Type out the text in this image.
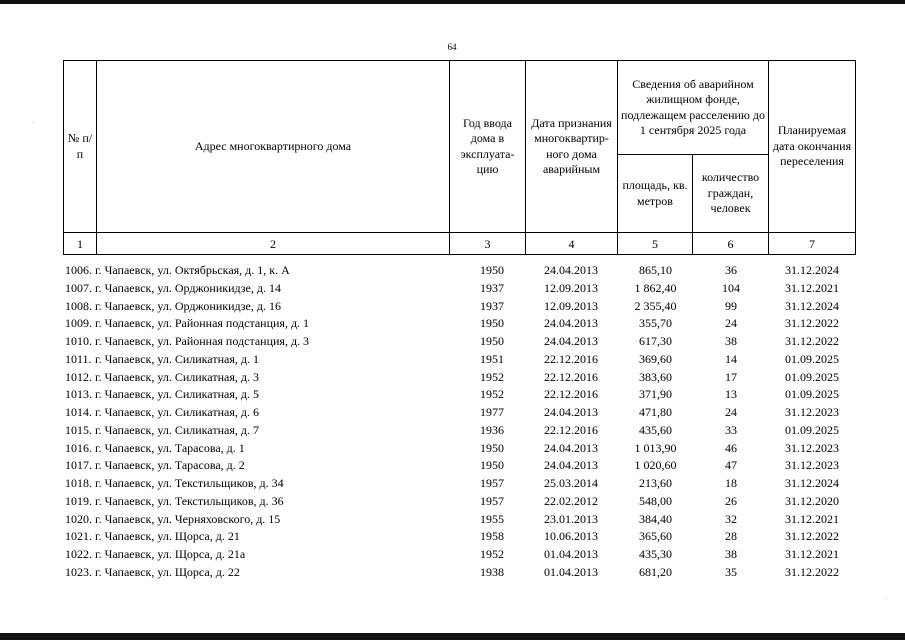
64
·
·
№ п/п	Адрес многоквартирного дома	Год ввода дома в эксплуата-цию	Дата признания многоквартир-ного дома аварийным	Сведения об аварийном жилищном фонде, подлежащем расселению до 1 сентября 2025 года		Планируемая дата окончания переселения
				площадь, кв. метров	количество граждан, человек	
1	2	3	4	5	6	7
1006. г. Чапаевск, ул. Октябрьская, д. 1, к. А	1950	24.04.2013	865,10	36	31.12.2024
1007. г. Чапаевск, ул. Орджоникидзе, д. 14	1937	12.09.2013	1 862,40	104	31.12.2021
1008. г. Чапаевск, ул. Орджоникидзе, д. 16	1937	12.09.2013	2 355,40	99	31.12.2024
1009. г. Чапаевск, ул. Районная подстанция, д. 1	1950	24.04.2013	355,70	24	31.12.2022
1010. г. Чапаевск, ул. Районная подстанция, д. 3	1950	24.04.2013	617,30	38	31.12.2022
1011. г. Чапаевск, ул. Силикатная, д. 1	1951	22.12.2016	369,60	14	01.09.2025
1012. г. Чапаевск, ул. Силикатная, д. 3	1952	22.12.2016	383,60	17	01.09.2025
1013. г. Чапаевск, ул. Силикатная, д. 5	1952	22.12.2016	371,90	13	01.09.2025
1014. г. Чапаевск, ул. Силикатная, д. 6	1977	24.04.2013	471,80	24	31.12.2023
1015. г. Чапаевск, ул. Силикатная, д. 7	1936	22.12.2016	435,60	33	01.09.2025
1016. г. Чапаевск, ул. Тарасова, д. 1	1950	24.04.2013	1 013,90	46	31.12.2023
1017. г. Чапаевск, ул. Тарасова, д. 2	1950	24.04.2013	1 020,60	47	31.12.2023
1018. г. Чапаевск, ул. Текстильщиков, д. 34	1957	25.03.2014	213,60	18	31.12.2024
1019. г. Чапаевск, ул. Текстильщиков, д. 36	1957	22.02.2012	548,00	26	31.12.2020
1020. г. Чапаевск, ул. Черняховского, д. 15	1955	23.01.2013	384,40	32	31.12.2021
1021. г. Чапаевск, ул. Щорса, д. 21	1958	10.06.2013	365,60	28	31.12.2022
1022. г. Чапаевск, ул. Щорса, д. 21а	1952	01.04.2013	435,30	38	31.12.2021
1023. г. Чапаевск, ул. Щорса, д. 22	1938	01.04.2013	681,20	35	31.12.2022
